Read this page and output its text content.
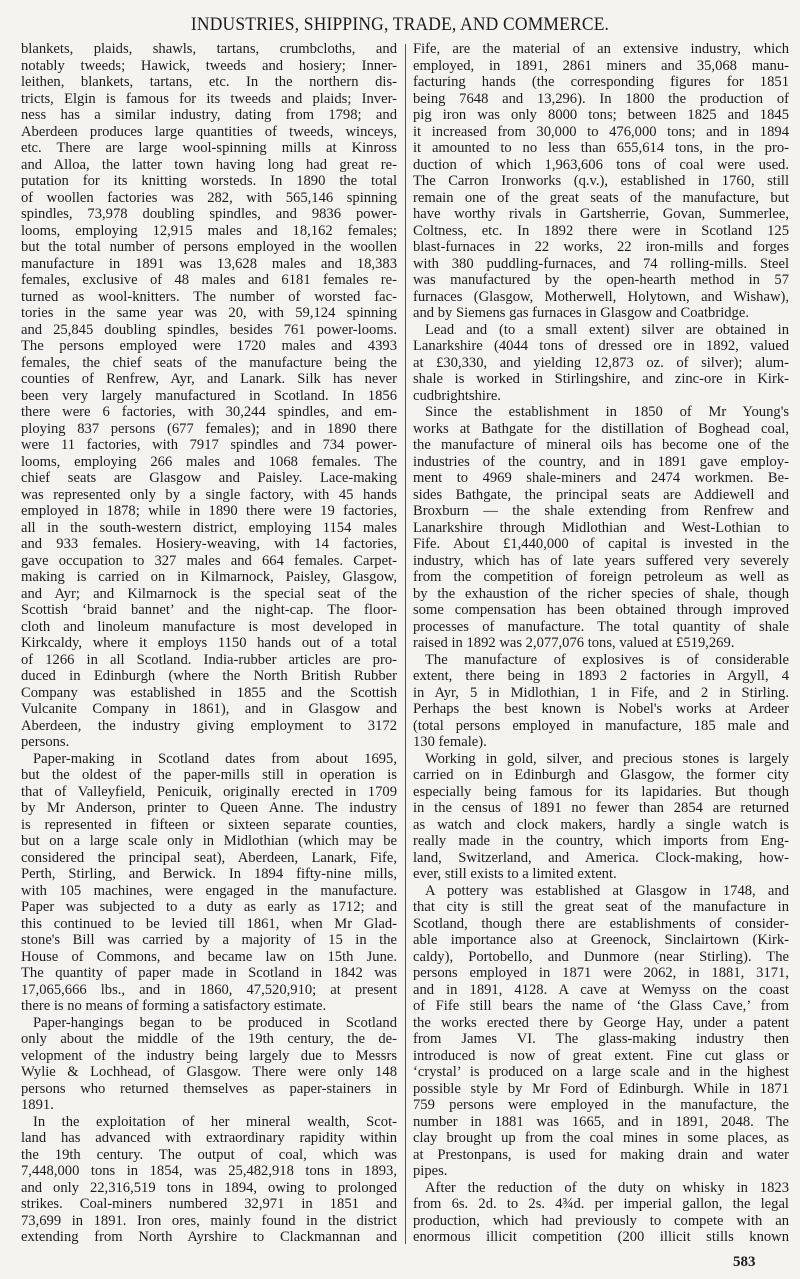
INDUSTRIES, SHIPPING, TRADE, AND COMMERCE.
blankets, plaids, shawls, tartans, crumbcloths, and
notably tweeds; Hawick, tweeds and hosiery; Inner-
leithen, blankets, tartans, etc. In the northern dis-
tricts, Elgin is famous for its tweeds and plaids; Inver-
ness has a similar industry, dating from 1798; and
Aberdeen produces large quantities of tweeds, winceys,
etc. There are large wool-spinning mills at Kinross
and Alloa, the latter town having long had great re-
putation for its knitting worsteds. In 1890 the total
of woollen factories was 282, with 565,146 spinning
spindles, 73,978 doubling spindles, and 9836 power-
looms, employing 12,915 males and 18,162 females;
but the total number of persons employed in the woollen
manufacture in 1891 was 13,628 males and 18,383
females, exclusive of 48 males and 6181 females re-
turned as wool-knitters. The number of worsted fac-
tories in the same year was 20, with 59,124 spinning
and 25,845 doubling spindles, besides 761 power-looms.
The persons employed were 1720 males and 4393
females, the chief seats of the manufacture being the
counties of Renfrew, Ayr, and Lanark. Silk has never
been very largely manufactured in Scotland. In 1856
there were 6 factories, with 30,244 spindles, and em-
ploying 837 persons (677 females); and in 1890 there
were 11 factories, with 7917 spindles and 734 power-
looms, employing 266 males and 1068 females. The
chief seats are Glasgow and Paisley. Lace-making
was represented only by a single factory, with 45 hands
employed in 1878; while in 1890 there were 19 factories,
all in the south-western district, employing 1154 males
and 933 females. Hosiery-weaving, with 14 factories,
gave occupation to 327 males and 664 females. Carpet-
making is carried on in Kilmarnock, Paisley, Glasgow,
and Ayr; and Kilmarnock is the special seat of the
Scottish ‘braid bannet’ and the night-cap. The floor-
cloth and linoleum manufacture is most developed in
Kirkcaldy, where it employs 1150 hands out of a total
of 1266 in all Scotland. India-rubber articles are pro-
duced in Edinburgh (where the North British Rubber
Company was established in 1855 and the Scottish
Vulcanite Company in 1861), and in Glasgow and
Aberdeen, the industry giving employment to 3172
persons.
Paper-making in Scotland dates from about 1695,
but the oldest of the paper-mills still in operation is
that of Valleyfield, Penicuik, originally erected in 1709
by Mr Anderson, printer to Queen Anne. The industry
is represented in fifteen or sixteen separate counties,
but on a large scale only in Midlothian (which may be
considered the principal seat), Aberdeen, Lanark, Fife,
Perth, Stirling, and Berwick. In 1894 fifty-nine mills,
with 105 machines, were engaged in the manufacture.
Paper was subjected to a duty as early as 1712; and
this continued to be levied till 1861, when Mr Glad-
stone's Bill was carried by a majority of 15 in the
House of Commons, and became law on 15th June.
The quantity of paper made in Scotland in 1842 was
17,065,666 lbs., and in 1860, 47,520,910; at present
there is no means of forming a satisfactory estimate.
Paper-hangings began to be produced in Scotland
only about the middle of the 19th century, the de-
velopment of the industry being largely due to Messrs
Wylie & Lochhead, of Glasgow. There were only 148
persons who returned themselves as paper-stainers in
1891.
In the exploitation of her mineral wealth, Scot-
land has advanced with extraordinary rapidity within
the 19th century. The output of coal, which was
7,448,000 tons in 1854, was 25,482,918 tons in 1893,
and only 22,316,519 tons in 1894, owing to prolonged
strikes. Coal-miners numbered 32,971 in 1851 and
73,699 in 1891. Iron ores, mainly found in the district
extending from North Ayrshire to Clackmannan and
Fife, are the material of an extensive industry, which
employed, in 1891, 2861 miners and 35,068 manu-
facturing hands (the corresponding figures for 1851
being 7648 and 13,296). In 1800 the production of
pig iron was only 8000 tons; between 1825 and 1845
it increased from 30,000 to 476,000 tons; and in 1894
it amounted to no less than 655,614 tons, in the pro-
duction of which 1,963,606 tons of coal were used.
The Carron Ironworks (q.v.), established in 1760, still
remain one of the great seats of the manufacture, but
have worthy rivals in Gartsherrie, Govan, Summerlee,
Coltness, etc. In 1892 there were in Scotland 125
blast-furnaces in 22 works, 22 iron-mills and forges
with 380 puddling-furnaces, and 74 rolling-mills. Steel
was manufactured by the open-hearth method in 57
furnaces (Glasgow, Motherwell, Holytown, and Wishaw),
and by Siemens gas furnaces in Glasgow and Coatbridge.
Lead and (to a small extent) silver are obtained in
Lanarkshire (4044 tons of dressed ore in 1892, valued
at £30,330, and yielding 12,873 oz. of silver); alum-
shale is worked in Stirlingshire, and zinc-ore in Kirk-
cudbrightshire.
Since the establishment in 1850 of Mr Young's
works at Bathgate for the distillation of Boghead coal,
the manufacture of mineral oils has become one of the
industries of the country, and in 1891 gave employ-
ment to 4969 shale-miners and 2474 workmen. Be-
sides Bathgate, the principal seats are Addiewell and
Broxburn — the shale extending from Renfrew and
Lanarkshire through Midlothian and West-Lothian to
Fife. About £1,440,000 of capital is invested in the
industry, which has of late years suffered very severely
from the competition of foreign petroleum as well as
by the exhaustion of the richer species of shale, though
some compensation has been obtained through improved
processes of manufacture. The total quantity of shale
raised in 1892 was 2,077,076 tons, valued at £519,269.
The manufacture of explosives is of considerable
extent, there being in 1893 2 factories in Argyll, 4
in Ayr, 5 in Midlothian, 1 in Fife, and 2 in Stirling.
Perhaps the best known is Nobel's works at Ardeer
(total persons employed in manufacture, 185 male and
130 female).
Working in gold, silver, and precious stones is largely
carried on in Edinburgh and Glasgow, the former city
especially being famous for its lapidaries. But though
in the census of 1891 no fewer than 2854 are returned
as watch and clock makers, hardly a single watch is
really made in the country, which imports from Eng-
land, Switzerland, and America. Clock-making, how-
ever, still exists to a limited extent.
A pottery was established at Glasgow in 1748, and
that city is still the great seat of the manufacture in
Scotland, though there are establishments of consider-
able importance also at Greenock, Sinclairtown (Kirk-
caldy), Portobello, and Dunmore (near Stirling). The
persons employed in 1871 were 2062, in 1881, 3171,
and in 1891, 4128. A cave at Wemyss on the coast
of Fife still bears the name of ‘the Glass Cave,’ from
the works erected there by George Hay, under a patent
from James VI. The glass-making industry then
introduced is now of great extent. Fine cut glass or
‘crystal’ is produced on a large scale and in the highest
possible style by Mr Ford of Edinburgh. While in 1871
759 persons were employed in the manufacture, the
number in 1881 was 1665, and in 1891, 2048. The
clay brought up from the coal mines in some places, as
at Prestonpans, is used for making drain and water
pipes.
After the reduction of the duty on whisky in 1823
from 6s. 2d. to 2s. 4¾d. per imperial gallon, the legal
production, which had previously to compete with an
enormous illicit competition (200 illicit stills known
583
